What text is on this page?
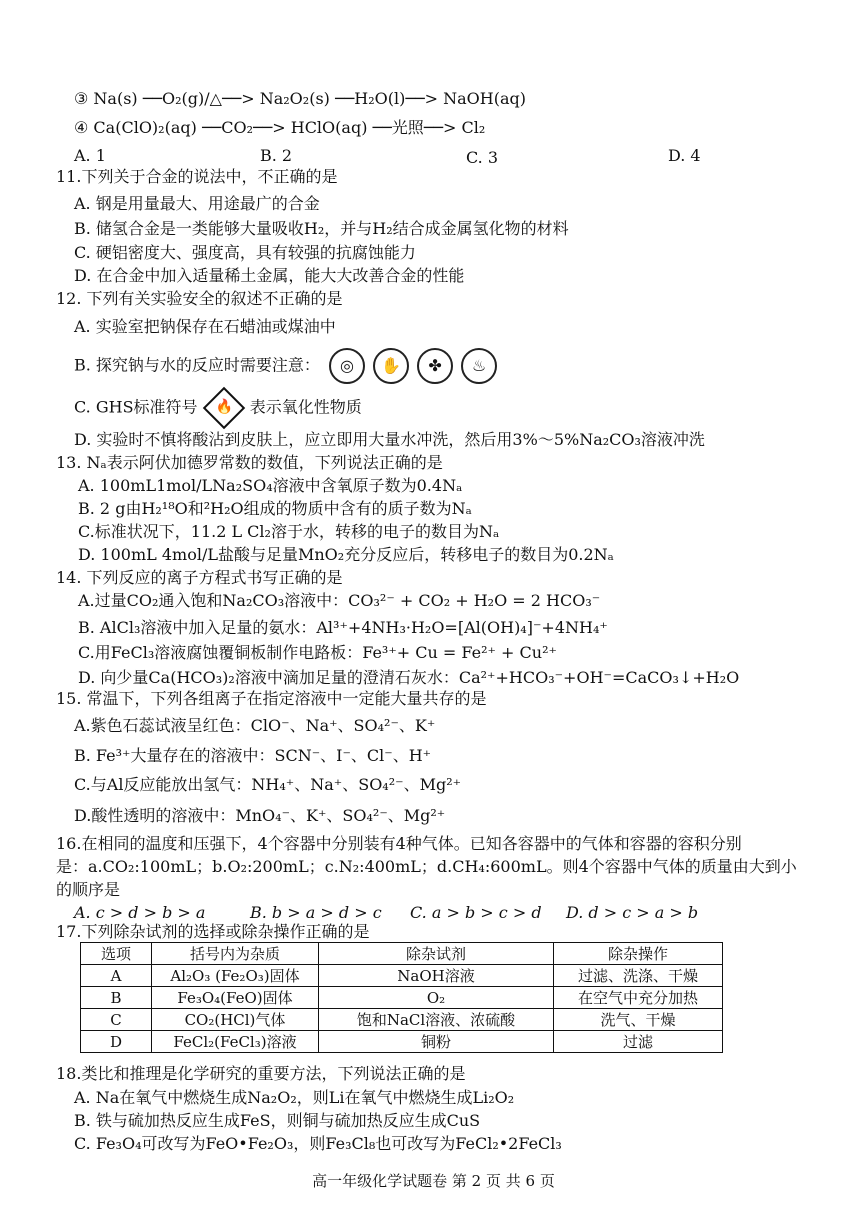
③ Na(s) ──O₂(g)/△──> Na₂O₂(s) ──H₂O(l)──> NaOH(aq)
④ Ca(ClO)₂(aq) ──CO₂──> HClO(aq) ──光照──> Cl₂
A. 1	B. 2	C. 3	D. 4
11.下列关于合金的说法中，不正确的是
A. 钢是用量最大、用途最广的合金
B. 储氢合金是一类能够大量吸收H₂，并与H₂结合成金属氢化物的材料
C. 硬铝密度大、强度高，具有较强的抗腐蚀能力
D. 在合金中加入适量稀土金属，能大大改善合金的性能
12. 下列有关实验安全的叙述不正确的是
A. 实验室把钠保存在石蜡油或煤油中
B. 探究钠与水的反应时需要注意：	◎	✋	✤	♨
C. GHS标准符号 🔥 表示氧化性物质
D. 实验时不慎将酸沾到皮肤上，应立即用大量水冲洗，然后用3%～5%Na₂CO₃溶液冲洗
13. Nₐ表示阿伏加德罗常数的数值，下列说法正确的是
A. 100mL1mol/LNa₂SO₄溶液中含氧原子数为0.4Nₐ
B. 2 g由H₂¹⁸O和²H₂O组成的物质中含有的质子数为Nₐ
C.标准状况下，11.2 L Cl₂溶于水，转移的电子的数目为Nₐ
D. 100mL 4mol/L盐酸与足量MnO₂充分反应后，转移电子的数目为0.2Nₐ
14. 下列反应的离子方程式书写正确的是
A.过量CO₂通入饱和Na₂CO₃溶液中：CO₃²⁻ + CO₂ + H₂O = 2 HCO₃⁻
B. AlCl₃溶液中加入足量的氨水：Al³⁺+4NH₃·H₂O=[Al(OH)₄]⁻+4NH₄⁺
C.用FeCl₃溶液腐蚀覆铜板制作电路板：Fe³⁺+ Cu = Fe²⁺ + Cu²⁺
D. 向少量Ca(HCO₃)₂溶液中滴加足量的澄清石灰水：Ca²⁺+HCO₃⁻+OH⁻=CaCO₃↓+H₂O
15. 常温下，下列各组离子在指定溶液中一定能大量共存的是
A.紫色石蕊试液呈红色：ClO⁻、Na⁺、SO₄²⁻、K⁺
B. Fe³⁺大量存在的溶液中：SCN⁻、I⁻、Cl⁻、H⁺
C.与Al反应能放出氢气：NH₄⁺、Na⁺、SO₄²⁻、Mg²⁺
D.酸性透明的溶液中：MnO₄⁻、K⁺、SO₄²⁻、Mg²⁺
16.在相同的温度和压强下，4个容器中分别装有4种气体。已知各容器中的气体和容器的容积分别
是：a.CO₂:100mL；b.O₂:200mL；c.N₂:400mL；d.CH₄:600mL。则4个容器中气体的质量由大到小
的顺序是
A. c > d > b > a	B. b > a > d > c C. a > b > c > d D. d > c > a > b
17.下列除杂试剂的选择或除杂操作正确的是
选项	括号内为杂质	除杂试剂	除杂操作
A	Al₂O₃ (Fe₂O₃)固体	NaOH溶液	过滤、洗涤、干燥
B	Fe₃O₄(FeO)固体	O₂	在空气中充分加热
C	CO₂(HCl)气体	饱和NaCl溶液、浓硫酸	洗气、干燥
D	FeCl₂(FeCl₃)溶液	铜粉	过滤
18.类比和推理是化学研究的重要方法，下列说法正确的是
A. Na在氧气中燃烧生成Na₂O₂，则Li在氧气中燃烧生成Li₂O₂
B. 铁与硫加热反应生成FeS，则铜与硫加热反应生成CuS
C. Fe₃O₄可改写为FeO•Fe₂O₃，则Fe₃Cl₈也可改写为FeCl₂•2FeCl₃
高一年级化学试题卷 第 2 页 共 6 页
